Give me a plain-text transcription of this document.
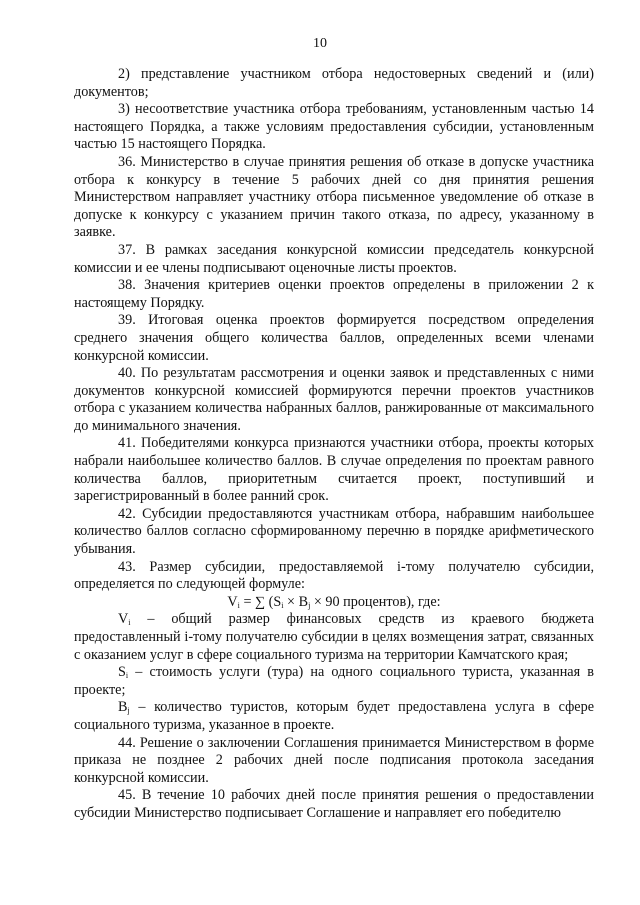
10

2) представление участником отбора недостоверных сведений и (или) документов;

3) несоответствие участника отбора требованиям, установленным частью 14 настоящего Порядка, а также условиям предоставления субсидии, установленным частью 15 настоящего Порядка.

36. Министерство в случае принятия решения об отказе в допуске участника отбора к конкурсу в течение 5 рабочих дней со дня принятия решения Министерством направляет участнику отбора письменное уведомление об отказе в допуске к конкурсу с указанием причин такого отказа, по адресу, указанному в заявке.

37. В рамках заседания конкурсной комиссии председатель конкурсной комиссии и ее члены подписывают оценочные листы проектов.

38. Значения критериев оценки проектов определены в приложении 2 к настоящему Порядку.

39. Итоговая оценка проектов формируется посредством определения среднего значения общего количества баллов, определенных всеми членами конкурсной комиссии.

40. По результатам рассмотрения и оценки заявок и представленных с ними документов конкурсной комиссией формируются перечни проектов участников отбора с указанием количества набранных баллов, ранжированные от максимального до минимального значения.

41. Победителями конкурса признаются участники отбора, проекты которых набрали наибольшее количество баллов. В случае определения по проектам равного количества баллов, приоритетным считается проект, поступивший и зарегистрированный в более ранний срок.

42. Субсидии предоставляются участникам отбора, набравшим наибольшее количество баллов согласно сформированному перечню в порядке арифметического убывания.

43. Размер субсидии, предоставляемой i-тому получателю субсидии, определяется по следующей формуле:

$V_i$ = ∑ ($S_i \times B_j \times 90$ процентов), где:

$V_i$ – общий размер финансовых средств из краевого бюджета предоставленный i-тому получателю субсидии в целях возмещения затрат, связанных с оказанием услуг в сфере социального туризма на территории Камчатского края;

$S_i$ – стоимость услуги (тура) на одного социального туриста, указанная в проекте;

$B_j$ – количество туристов, которым будет предоставлена услуга в сфере социального туризма, указанное в проекте.

44. Решение о заключении Соглашения принимается Министерством в форме приказа не позднее 2 рабочих дней после подписания протокола заседания конкурсной комиссии.

45. В течение 10 рабочих дней после принятия решения о предоставлении субсидии Министерство подписывает Соглашение и направляет его победителю
